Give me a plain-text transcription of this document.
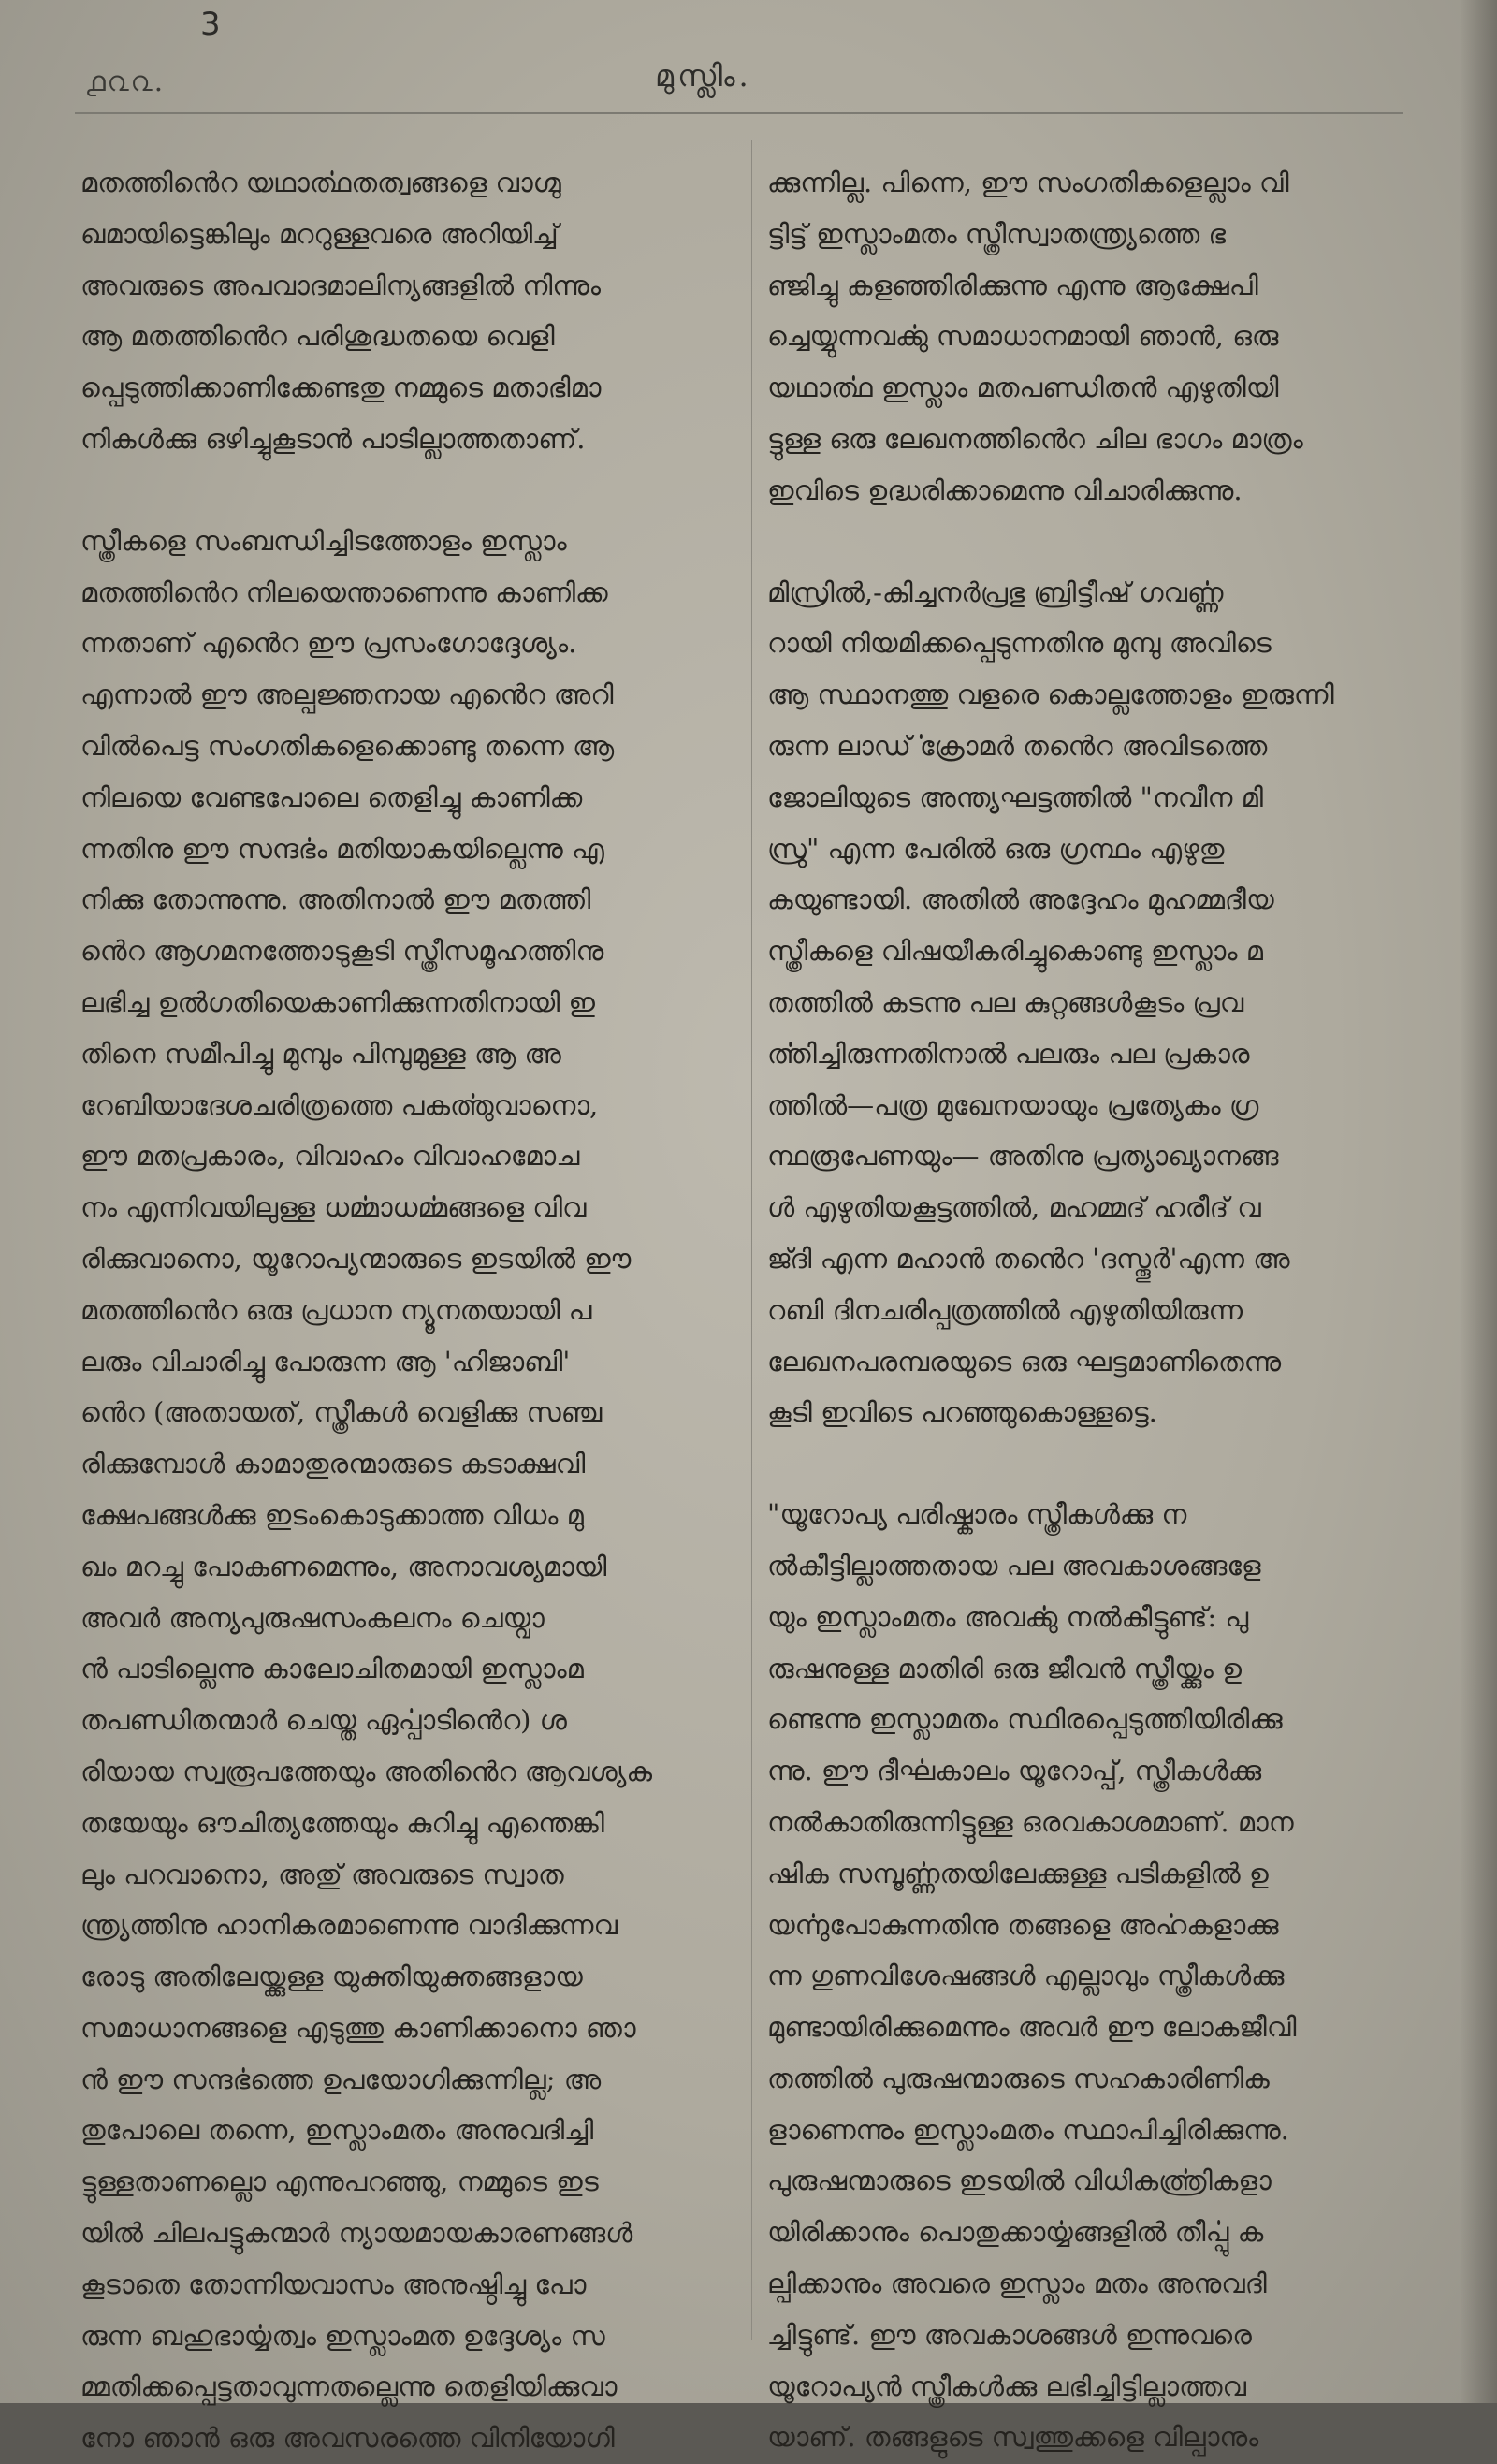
3
൧൨൨.	മുസ്ലിം.

മതത്തിൻെറ യഥാൎത്ഥതത്വങ്ങളെ വാഗ്മു
ഖമായിട്ടെങ്കിലും മററുള്ളവരെ അറിയിച്ച്
അവരുടെ അപവാദമാലിന്യങ്ങളിൽ നിന്നും
ആ മതത്തിൻെറ പരിശുദ്ധതയെ വെളി
പ്പെടുത്തിക്കാണിക്കേണ്ടതു നമ്മുടെ മതാഭിമാ
നികൾക്കു ഒഴിച്ചുകൂടാൻ പാടില്ലാത്തതാണ്.

സ്ത്രീകളെ സംബന്ധിച്ചിടത്തോളം ഇസ്ലാം
മതത്തിൻെറ നിലയെന്താണെന്നു കാണിക്ക
ന്നതാണ് എൻെറ ഈ പ്രസംഗോദ്ദേശ്യം.
എന്നാൽ ഈ അല്പജ്ഞനായ എൻെറ അറി
വിൽപെട്ട സംഗതികളെക്കൊണ്ടു തന്നെ ആ
നിലയെ വേണ്ടപോലെ തെളിച്ചു കാണിക്ക
ന്നതിനു ഈ സന്ദൎഭം മതിയാകയില്ലെന്നു എ
നിക്കു തോന്നുന്നു. അതിനാൽ ഈ മതത്തി
ൻെറ ആഗമനത്തോടുകൂടി സ്ത്രീസമൂഹത്തിനു
ലഭിച്ച ഉൽഗതിയെകാണിക്കുന്നതിനായി ഇ
തിനെ സമീപിച്ചു മുമ്പും പിമ്പുമുള്ള ആ അ
റേബിയാദേശചരിത്രത്തെ പകൎത്തുവാനൊ,
ഈ മതപ്രകാരം, വിവാഹം വിവാഹമോച
നം എന്നിവയിലുള്ള ധൎമ്മാധൎമ്മങ്ങളെ വിവ
രിക്കുവാനൊ, യൂറോപ്യന്മാരുടെ ഇടയിൽ ഈ
മതത്തിൻെറ ഒരു പ്രധാന ന്യൂനതയായി പ
ലരും വിചാരിച്ചു പോരുന്ന ആ 'ഹിജാബി'
ൻെറ (അതായത്, സ്ത്രീകൾ വെളിക്കു സഞ്ച
രിക്കുമ്പോൾ കാമാതുരന്മാരുടെ കടാക്ഷവി
ക്ഷേപങ്ങൾക്കു ഇടംകൊടുക്കാത്ത വിധം മു
ഖം മറച്ചു പോകണമെന്നും, അനാവശ്യമായി
അവർ അന്യപുരുഷസംകലനം ചെയ്വാ
ൻ പാടില്ലെന്നു കാലോചിതമായി ഇസ്ലാംമ
തപണ്ഡിതന്മാർ ചെയ്ത ഏൎപ്പാടിൻെറ) ശ
രിയായ സ്വരൂപത്തേയും അതിൻെറ ആവശ്യക
തയേയും ഔചിത്യത്തേയും കുറിച്ചു എന്തെങ്കി
ലും പറവാനൊ, അതു് അവരുടെ സ്വാത
ന്ത്ര്യത്തിനു ഹാനികരമാണെന്നു വാദിക്കുന്നവ
രോടു അതിലേയ്ക്കുള്ള യുക്തിയുക്തങ്ങളായ
സമാധാനങ്ങളെ എടുത്തു കാണിക്കാനൊ ഞാ
ൻ ഈ സന്ദൎഭത്തെ ഉപയോഗിക്കുന്നില്ല; അ
തുപോലെ തന്നെ, ഇസ്ലാംമതം അനുവദിച്ചി
ട്ടുള്ളതാണല്ലൊ എന്നുപറഞ്ഞു, നമ്മുടെ ഇട
യിൽ ചിലപട്ടുകന്മാർ ന്യായമായകാരണങ്ങൾ
കൂടാതെ തോന്നിയവാസം അനുഷ്ഠിച്ചു പോ
രുന്ന ബഹുഭാൎയ്യത്വം ഇസ്ലാംമത ഉദ്ദേശ്യം സ
മ്മതിക്കപ്പെട്ടതാവുന്നതല്ലെന്നു തെളിയിക്കുവാ
നോ ഞാൻ ഒരു അവസരത്തെ വിനിയോഗി

ക്കുന്നില്ല. പിന്നെ, ഈ സംഗതികളെല്ലാം വി
ട്ടിട്ട് ഇസ്ലാംമതം സ്ത്രീസ്വാതന്ത്ര്യത്തെ ഭ
ഞ്ജിച്ചു കളഞ്ഞിരിക്കുന്നു എന്നു ആക്ഷേപി
ച്ചെയ്യുന്നവൎക്കു സമാധാനമായി ഞാൻ, ഒരു
യഥാൎത്ഥ ഇസ്ലാം മതപണ്ഡിതൻ എഴുതിയി
ട്ടുള്ള ഒരു ലേഖനത്തിൻെറ ചില ഭാഗം മാത്രം
ഇവിടെ ഉദ്ധരിക്കാമെന്നു വിചാരിക്കുന്നു.

മിസ്രിൽ,-കിച്ചനർപ്രഭു ബ്രിട്ടീഷ് ഗവൎണ്ണ
റായി നിയമിക്കപ്പെടുന്നതിനു മുമ്പു അവിടെ
ആ സ്ഥാനത്തു വളരെ കൊല്ലത്തോളം ഇരുന്നി
രുന്ന ലാൎഡ് ക്രോമർ തൻെറ അവിടത്തെ
ജോലിയുടെ അന്ത്യഘട്ടത്തിൽ "നവീന മി
സ്രു" എന്ന പേരിൽ ഒരു ഗ്രന്ഥം എഴുതു
കയുണ്ടായി. അതിൽ അദ്ദേഹം മുഹമ്മദീയ
സ്ത്രീകളെ വിഷയീകരിച്ചുകൊണ്ടു ഇസ്ലാം മ
തത്തിൽ കടന്നു പല കുറ്റങ്ങൾകൂടം പ്രവ
ൎത്തിച്ചിരുന്നതിനാൽ പലരും പല പ്രകാര
ത്തിൽ—പത്ര മുഖേനയായും പ്രത്യേകം ഗ്ര
ന്ഥരൂപേണയും— അതിനു പ്രത്യാഖ്യാനങ്ങ
ൾ എഴുതിയകൂട്ടത്തിൽ, മഹമ്മദ് ഹരീദ് വ
ജ്ദി എന്ന മഹാൻ തൻെറ 'ദസ്തൂർ'എന്ന അ
റബി ദിനചരിപ്പത്രത്തിൽ എഴുതിയിരുന്ന
ലേഖനപരമ്പരയുടെ ഒരു ഘട്ടമാണിതെന്നു
കൂടി ഇവിടെ പറഞ്ഞുകൊള്ളട്ടെ.

"യൂറോപ്യ പരിഷ്കാരം സ്ത്രീകൾക്കു ന
ൽകീട്ടില്ലാത്തതായ പല അവകാശങ്ങളേ
യും ഇസ്ലാംമതം അവൎക്കു നൽകീട്ടുണ്ട്: പു
രുഷനുള്ള മാതിരി ഒരു ജീവൻ സ്ത്രീയ്ക്കും ഉ
ണ്ടെന്നു ഇസ്ലാമതം സ്ഥിരപ്പെടുത്തിയിരിക്കു
ന്നു. ഈ ദീൎഘകാലം യൂറോപ്പ്, സ്ത്രീകൾക്കു
നൽകാതിരുന്നിട്ടുള്ള ഒരവകാശമാണ്. മാന
ഷിക സമ്പൂൎണ്ണതയിലേക്കുള്ള പടികളിൽ ഉ
യൎന്നുപോകുന്നതിനു തങ്ങളെ അൎഹകളാക്കു
ന്ന ഗുണവിശേഷങ്ങൾ എല്ലാവും സ്ത്രീകൾക്കു
മുണ്ടായിരിക്കുമെന്നും അവർ ഈ ലോകജീവി
തത്തിൽ പുരുഷന്മാരുടെ സഹകാരിണിക
ളാണെന്നും ഇസ്ലാംമതം സ്ഥാപിച്ചിരിക്കുന്നു.
പുരുഷന്മാരുടെ ഇടയിൽ വിധികൎത്ത്രികളാ
യിരിക്കാനും പൊതുക്കാൎയ്യങ്ങളിൽ തീൎപ്പു ക
ല്പിക്കാനും അവരെ ഇസ്ലാം മതം അനുവദി
ച്ചിട്ടുണ്ട്. ഈ അവകാശങ്ങൾ ഇന്നുവരെ
യൂറോപ്യൻ സ്ത്രീകൾക്കു ലഭിച്ചിട്ടില്ലാത്തവ
യാണ്. തങ്ങളുടെ സ്വത്തുക്കളെ വില്പാനും
